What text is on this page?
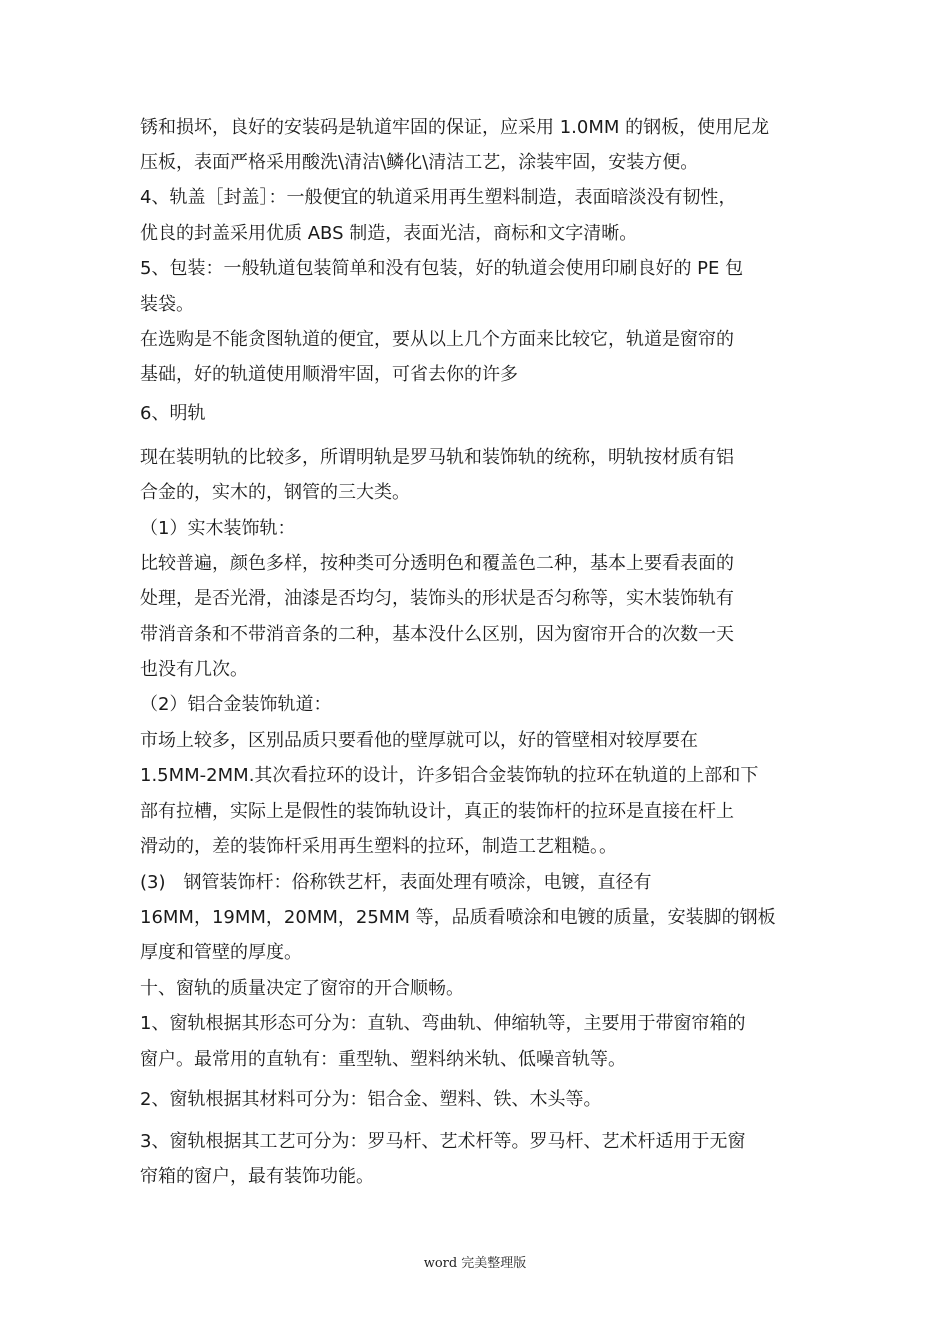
锈和损坏，良好的安装码是轨道牢固的保证，应采用 1.0MM 的钢板，使用尼龙
压板，表面严格采用酸洗\清洁\鳞化\清洁工艺，涂装牢固，安装方便。
4、轨盖［封盖］：一般便宜的轨道采用再生塑料制造，表面暗淡没有韧性，
优良的封盖采用优质 ABS 制造，表面光洁，商标和文字清晰。
5、包装：一般轨道包装简单和没有包装，好的轨道会使用印刷良好的 PE 包
装袋。
在选购是不能贪图轨道的便宜，要从以上几个方面来比较它，轨道是窗帘的
基础，好的轨道使用顺滑牢固，可省去你的许多
6、明轨
现在装明轨的比较多，所谓明轨是罗马轨和装饰轨的统称，明轨按材质有铝
合金的，实木的，钢管的三大类。
（1）实木装饰轨：
比较普遍，颜色多样，按种类可分透明色和覆盖色二种，基本上要看表面的
处理，是否光滑，油漆是否均匀，装饰头的形状是否匀称等，实木装饰轨有
带消音条和不带消音条的二种，基本没什么区别，因为窗帘开合的次数一天
也没有几次。
（2）铝合金装饰轨道：
市场上较多，区别品质只要看他的壁厚就可以，好的管壁相对较厚要在
1.5MM-2MM.其次看拉环的设计，许多铝合金装饰轨的拉环在轨道的上部和下
部有拉槽，实际上是假性的装饰轨设计，真正的装饰杆的拉环是直接在杆上
滑动的，差的装饰杆采用再生塑料的拉环，制造工艺粗糙。。
(3)　钢管装饰杆：俗称铁艺杆，表面处理有喷涂，电镀，直径有
16MM，19MM，20MM，25MM 等，品质看喷涂和电镀的质量，安装脚的钢板
厚度和管壁的厚度。
十、窗轨的质量决定了窗帘的开合顺畅。
1、窗轨根据其形态可分为：直轨、弯曲轨、伸缩轨等，主要用于带窗帘箱的
窗户。最常用的直轨有：重型轨、塑料纳米轨、低噪音轨等。
2、窗轨根据其材料可分为：铝合金、塑料、铁、木头等。
3、窗轨根据其工艺可分为：罗马杆、艺术杆等。罗马杆、艺术杆适用于无窗
帘箱的窗户，最有装饰功能。
word 完美整理版
